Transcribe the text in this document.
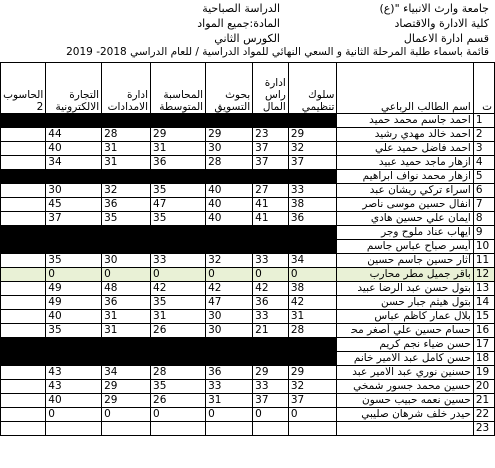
جامعة وارث الانبياء "(ع)
الدراسة الصباحية
كلية الادارة والاقتصاد
المادة:جميع المواد
قسم ادارة الاعمال
الكورس الثاني
قائمة باسماء طلبة المرحلة الثانية و السعي النهائي للمواد الدراسية / للعام الدراسي 2018- 2019
ت	اسم الطالب الرباعي	سلوك تنظيمي	ادارة راس المال	بحوث التسويق	المحاسبة المتوسطة	ادارة الامدادات	التجارة الالكترونية	الحاسوب 2
1	احمد جاسم محمد حميد							
2	احمد خالد مهدي رشيد	29	23	29	29	28	44	
3	احمد فاضل حميد علي	32	37	30	31	31	40	
4	ازهار ماجد حميد عبيد	37	37	28	36	31	34	
5	ازهار محمد نواف ابراهيم							
6	اسراء تركي ريشان عبد	33	27	40	35	32	30	
7	انفال حسين موسى ناصر	38	41	40	47	36	45	
8	ايمان علي حسين هادي	36	41	40	35	35	37	
9	ايهاب عناد ملوح وجر							
10	أيسر صباح عباس جاسم							
11	آثار حسين جاسم حسين	34	33	32	33	30	35	
12	باقر جميل مطر محارب	0	0	0	0	0	0	
13	بتول حسن عبد الرضا عبيد	38	42	42	42	48	49	
14	بتول هيثم جبار حسن	42	36	47	35	36	49	
15	بلال عمار كاظم عباس	31	33	30	31	31	40	
16	حسام حسين علي أصغر ﻣﺤ	28	21	30	26	31	35	
17	حسن ضياء نجم كريم							
18	حسن كامل عبد الامير خانم							
19	حسنين نوري عبد الامير عبد	29	29	36	28	34	43	
20	حسين محمد جسور شمخي	32	33	33	35	29	43	
21	حسين نعمه حبيب حسون	37	37	31	26	29	40	
22	حيدر خلف شرهان صليبي	0	0	0	0	0	0	
23								
